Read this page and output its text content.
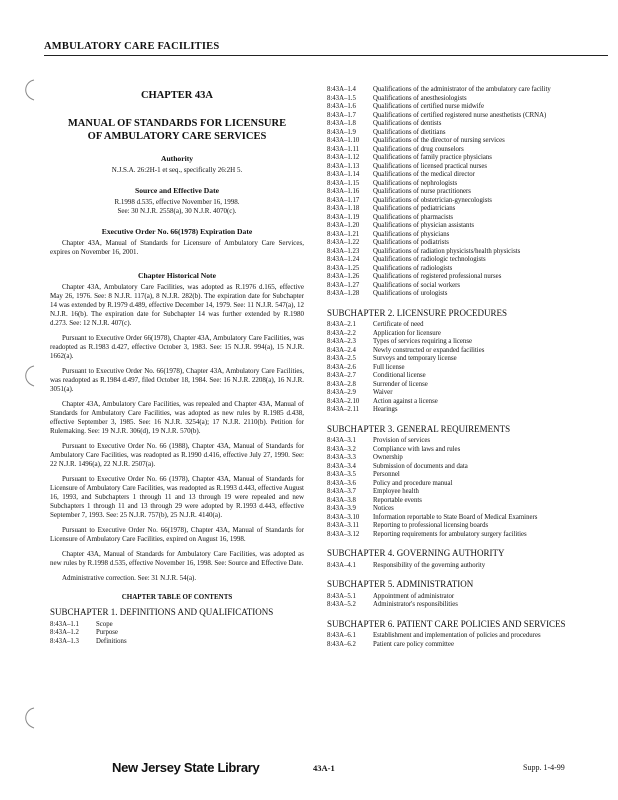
AMBULATORY CARE FACILITIES
CHAPTER 43A
MANUAL OF STANDARDS FOR LICENSURE
OF AMBULATORY CARE SERVICES
Authority

N.J.S.A. 26:2H-1 et seq., specifically 26:2H 5.

Source and Effective Date

R.1998 d.535, effective November 16, 1998.

See: 30 N.J.R. 2558(a), 30 N.J.R. 4070(c).

Executive Order No. 66(1978) Expiration Date

Chapter 43A, Manual of Standards for Licensure of Ambulatory Care Services, expires on November 16, 2001.

Chapter Historical Note

Chapter 43A, Ambulatory Care Facilities, was adopted as R.1976 d.165, effective May 26, 1976. See: 8 N.J.R. 117(a), 8 N.J.R. 282(b). The expiration date for Subchapter 14 was extended by R.1979 d.489, effective December 14, 1979. See: 11 N.J.R. 547(a), 12 N.J.R. 16(b). The expiration date for Subchapter 14 was further extended by R.1980 d.273. See: 12 N.J.R. 407(c).

Pursuant to Executive Order 66(1978), Chapter 43A, Ambulatory Care Facilities, was readopted as R.1983 d.427, effective October 3, 1983. See: 15 N.J.R. 994(a), 15 N.J.R. 1662(a).

Pursuant to Executive Order No. 66(1978), Chapter 43A, Ambulatory Care Facilities, was readopted as R.1984 d.497, filed October 18, 1984. See: 16 N.J.R. 2208(a), 16 N.J.R. 3051(a).

Chapter 43A, Ambulatory Care Facilities, was repealed and Chapter 43A, Manual of Standards for Ambulatory Care Facilities, was adopted as new rules by R.1985 d.438, effective September 3, 1985. See: 16 N.J.R. 3254(a); 17 N.J.R. 2110(b). Petition for Rulemaking. See: 19 N.J.R. 306(d), 19 N.J.R. 570(b).

Pursuant to Executive Order No. 66 (1988), Chapter 43A, Manual of Standards for Ambulatory Care Facilities, was readopted as R.1990 d.416, effective July 27, 1990. See: 22 N.J.R. 1496(a), 22 N.J.R. 2507(a).

Pursuant to Executive Order No. 66 (1978), Chapter 43A, Manual of Standards for Licensure of Ambulatory Care Facilities, was readopted as R.1993 d.443, effective August 16, 1993, and Subchapters 1 through 11 and 13 through 19 were repealed and new Subchapters 1 through 11 and 13 through 29 were adopted by R.1993 d.443, effective September 7, 1993. See: 25 N.J.R. 757(b), 25 N.J.R. 4140(a).

Pursuant to Executive Order No. 66(1978), Chapter 43A, Manual of Standards for Licensure of Ambulatory Care Facilities, expired on August 16, 1998.

Chapter 43A, Manual of Standards for Ambulatory Care Facilities, was adopted as new rules by R.1998 d.535, effective November 16, 1998. See: Source and Effective Date.

Administrative correction. See: 31 N.J.R. 54(a).

CHAPTER TABLE OF CONTENTS
SUBCHAPTER 1. DEFINITIONS AND QUALIFICATIONS
8:43A–1.1	Scope
8:43A–1.2	Purpose
8:43A–1.3	Definitions
8:43A–1.4	Qualifications of the administrator of the ambulatory care facility
8:43A–1.5	Qualifications of anesthesiologists
8:43A–1.6	Qualifications of certified nurse midwife
8:43A–1.7	Qualifications of certified registered nurse anesthetists (CRNA)
8:43A–1.8	Qualifications of dentists
8:43A–1.9	Qualifications of dietitians
8:43A–1.10	Qualifications of the director of nursing services
8:43A–1.11	Qualifications of drug counselors
8:43A–1.12	Qualifications of family practice physicians
8:43A–1.13	Qualifications of licensed practical nurses
8:43A–1.14	Qualifications of the medical director
8:43A–1.15	Qualifications of nephrologists
8:43A–1.16	Qualifications of nurse practitioners
8:43A–1.17	Qualifications of obstetrician-gynecologists
8:43A–1.18	Qualifications of pediatricians
8:43A–1.19	Qualifications of pharmacists
8:43A–1.20	Qualifications of physician assistants
8:43A–1.21	Qualifications of physicians
8:43A–1.22	Qualifications of podiatrists
8:43A–1.23	Qualifications of radiation physicists/health physicists
8:43A–1.24	Qualifications of radiologic technologists
8:43A–1.25	Qualifications of radiologists
8:43A–1.26	Qualifications of registered professional nurses
8:43A–1.27	Qualifications of social workers
8:43A–1.28	Qualifications of urologists
SUBCHAPTER 2. LICENSURE PROCEDURES
8:43A–2.1	Certificate of need
8:43A–2.2	Application for licensure
8:43A–2.3	Types of services requiring a license
8:43A–2.4	Newly constructed or expanded facilities
8:43A–2.5	Surveys and temporary license
8:43A–2.6	Full license
8:43A–2.7	Conditional license
8:43A–2.8	Surrender of license
8:43A–2.9	Waiver
8:43A–2.10	Action against a license
8:43A–2.11	Hearings
SUBCHAPTER 3. GENERAL REQUIREMENTS
8:43A–3.1	Provision of services
8:43A–3.2	Compliance with laws and rules
8:43A–3.3	Ownership
8:43A–3.4	Submission of documents and data
8:43A–3.5	Personnel
8:43A–3.6	Policy and procedure manual
8:43A–3.7	Employee health
8:43A–3.8	Reportable events
8:43A–3.9	Notices
8:43A–3.10	Information reportable to State Board of Medical Examiners
8:43A–3.11	Reporting to professional licensing boards
8:43A–3.12	Reporting requirements for ambulatory surgery facilities
SUBCHAPTER 4. GOVERNING AUTHORITY
8:43A–4.1	Responsibility of the governing authority
SUBCHAPTER 5. ADMINISTRATION
8:43A–5.1	Appointment of administrator
8:43A–5.2	Administrator's responsibilities
SUBCHAPTER 6. PATIENT CARE POLICIES AND SERVICES
8:43A–6.1	Establishment and implementation of policies and procedures
8:43A–6.2	Patient care policy committee
New Jersey State Library	43A-1	Supp. 1-4-99
